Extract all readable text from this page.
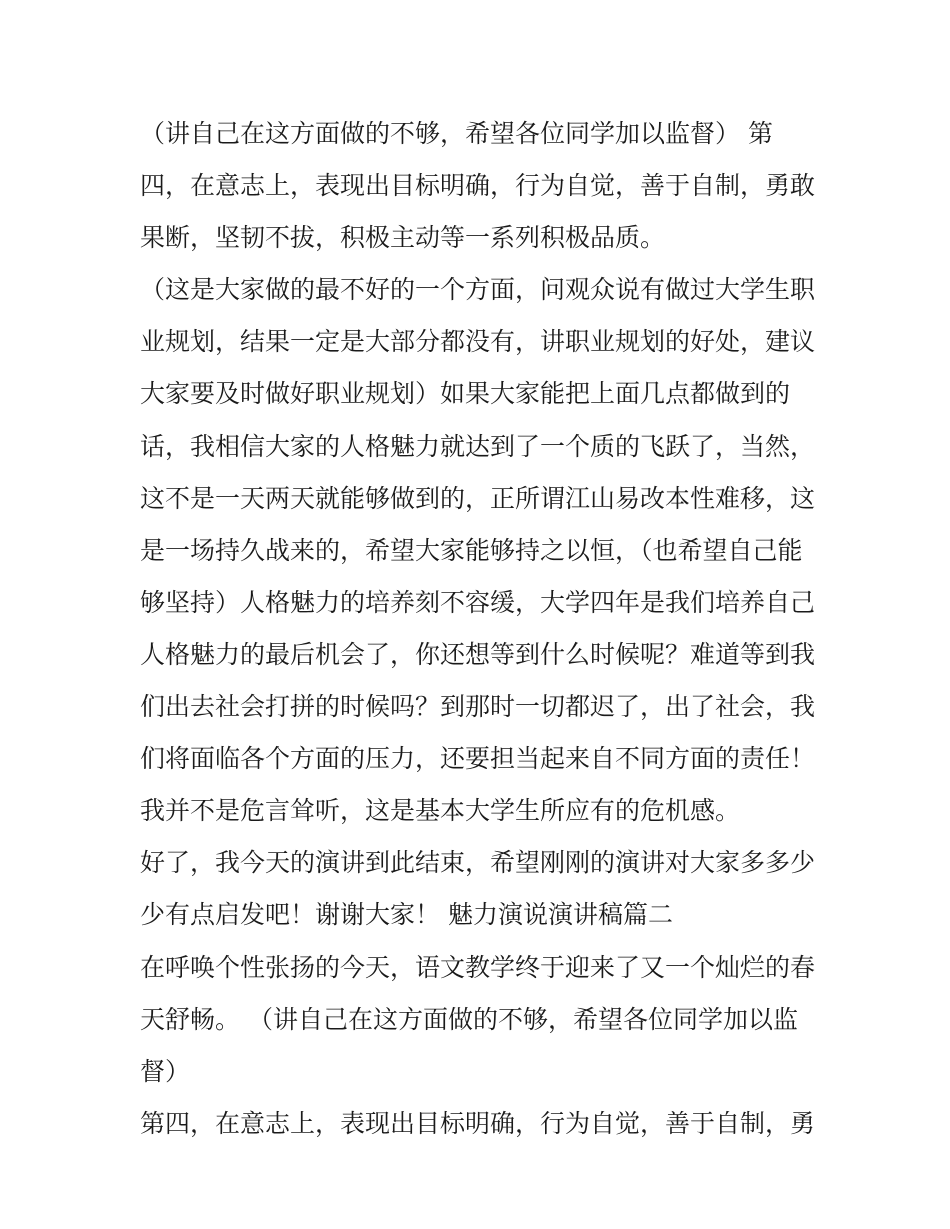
（讲自己在这方面做的不够，希望各位同学加以监督） 第
四，在意志上，表现出目标明确，行为自觉，善于自制，勇敢
果断，坚韧不拔，积极主动等一系列积极品质。
（这是大家做的最不好的一个方面，问观众说有做过大学生职
业规划，结果一定是大部分都没有，讲职业规划的好处，建议
大家要及时做好职业规划）如果大家能把上面几点都做到的
话，我相信大家的人格魅力就达到了一个质的飞跃了，当然，
这不是一天两天就能够做到的，正所谓江山易改本性难移，这
是一场持久战来的，希望大家能够持之以恒，（也希望自己能
够坚持）人格魅力的培养刻不容缓，大学四年是我们培养自己
人格魅力的最后机会了，你还想等到什么时候呢？难道等到我
们出去社会打拼的时候吗？到那时一切都迟了，出了社会，我
们将面临各个方面的压力，还要担当起来自不同方面的责任！
我并不是危言耸听，这是基本大学生所应有的危机感。
好了，我今天的演讲到此结束，希望刚刚的演讲对大家多多少
少有点启发吧！谢谢大家！ 魅力演说演讲稿篇二
在呼唤个性张扬的今天，语文教学终于迎来了又一个灿烂的春
天舒畅。 （讲自己在这方面做的不够，希望各位同学加以监
督）
第四，在意志上，表现出目标明确，行为自觉，善于自制，勇
